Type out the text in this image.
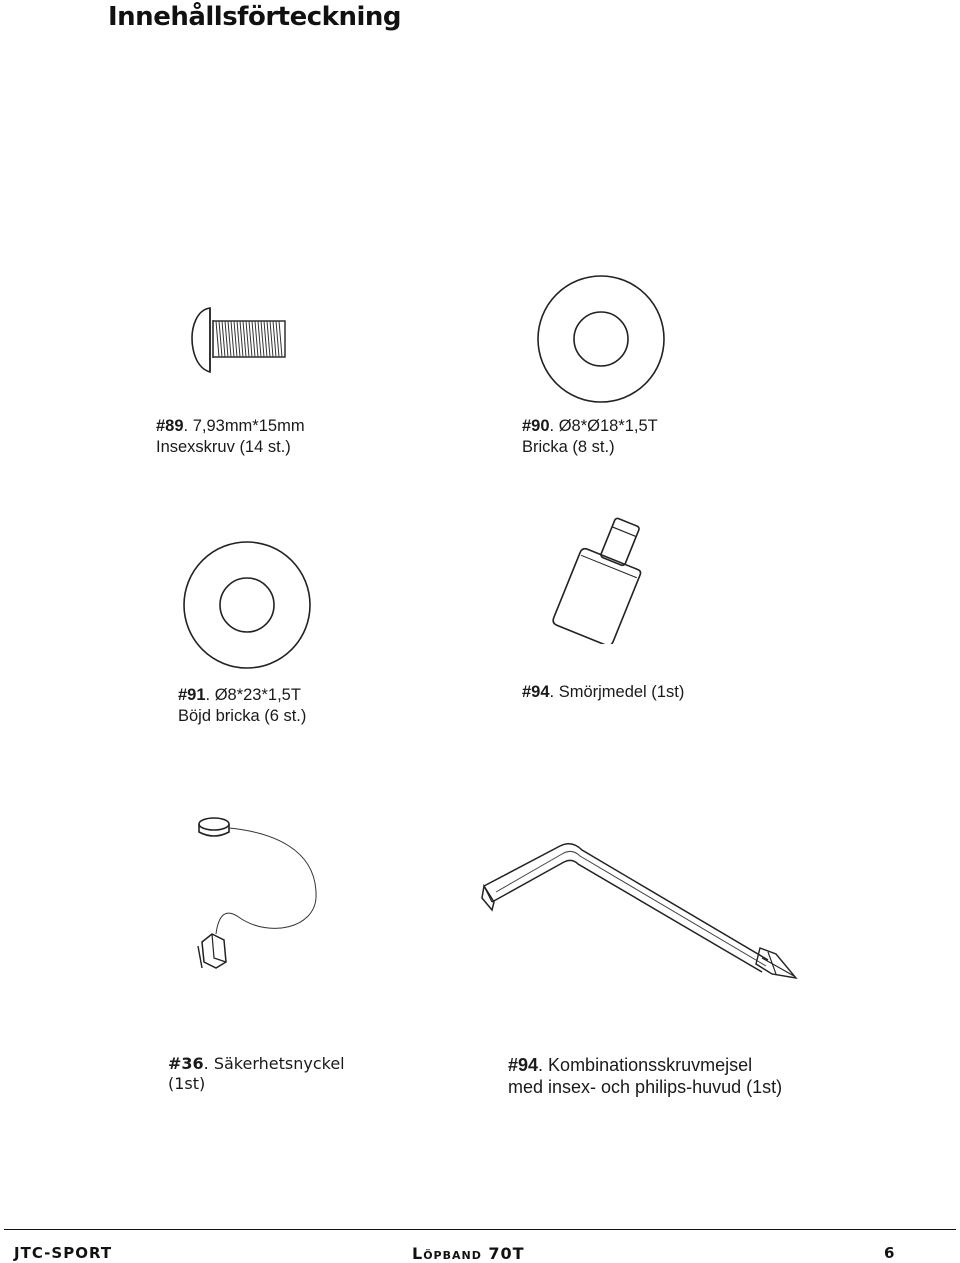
Innehållsförteckning
#89. 7,93mm*15mm
Insexskruv (14 st.)
#90. Ø8*Ø18*1,5T
Bricka (8 st.)
#91. Ø8*23*1,5T
Böjd bricka (6 st.)
#94. Smörjmedel (1st)
#36. Säkerhetsnyckel
(1st)
#94. Kombinationsskruvmejsel
med insex- och philips-huvud (1st)
JTC-SPORT	Löpband 70T	6
